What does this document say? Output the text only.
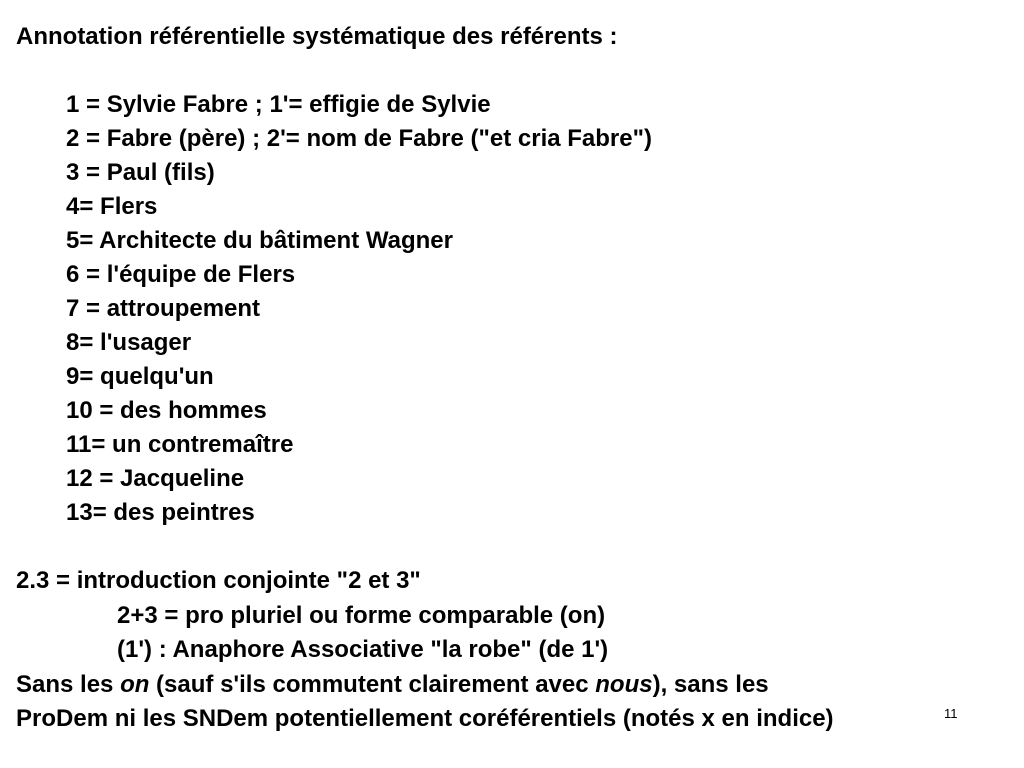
Annotation référentielle systématique des référents :
1 = Sylvie Fabre ; 1'= effigie de Sylvie
2 = Fabre (père) ; 2'= nom de Fabre ("et cria Fabre")
3 = Paul (fils)
4= Flers
5= Architecte du bâtiment Wagner
6 = l'équipe de Flers
7 = attroupement
8= l'usager
9= quelqu'un
10 = des hommes
11= un contremaître
12 = Jacqueline
13= des peintres
2.3 = introduction conjointe "2 et 3"
2+3 = pro pluriel ou forme comparable (on)
(1') : Anaphore Associative "la robe" (de 1')
Sans les on (sauf s'ils commutent clairement avec nous), sans les
ProDem ni les SNDem potentiellement coréférentiels (notés x en indice)	11
